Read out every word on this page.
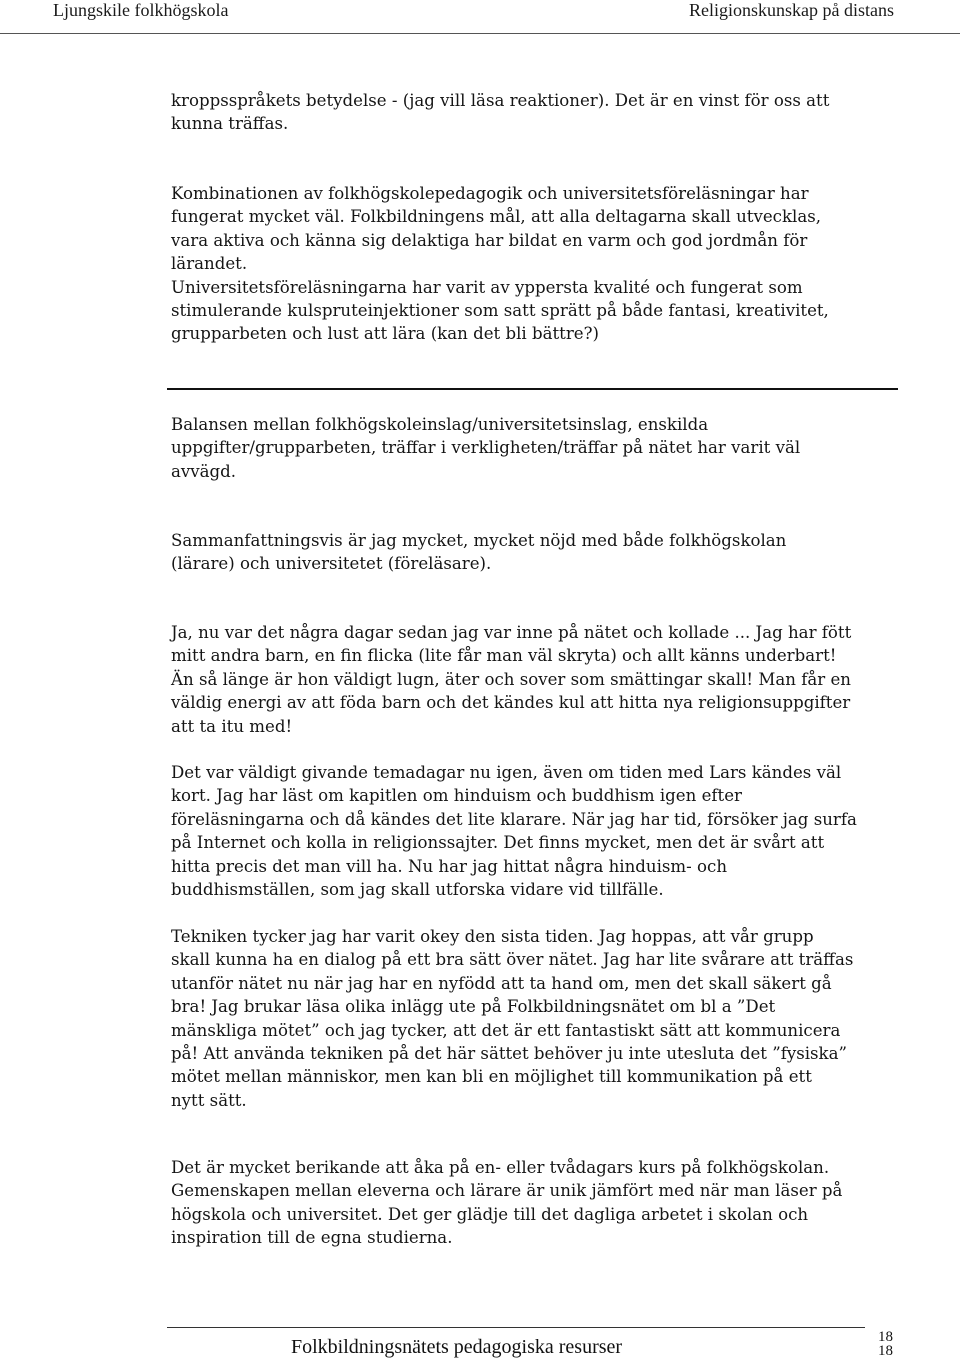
Ljungskile folkhögskola	Religionskunskap på distans

kroppsspråkets betydelse - (jag vill läsa reaktioner). Det är en vinst för oss att
kunna träffas.

Kombinationen av folkhögskolepedagogik och universitetsföreläsningar har
fungerat mycket väl. Folkbildningens mål, att alla deltagarna skall utvecklas,
vara aktiva och känna sig delaktiga har bildat en varm och god jordmån för
lärandet.
Universitetsföreläsningarna har varit av yppersta kvalité och fungerat som
stimulerande kulspruteinjektioner som satt sprätt på både fantasi, kreativitet,
grupparbeten och lust att lära (kan det bli bättre?)

Balansen mellan folkhögskoleinslag/universitetsinslag, enskilda
uppgifter/grupparbeten, träffar i verkligheten/träffar på nätet har varit väl
avvägd.

Sammanfattningsvis är jag mycket, mycket nöjd med både folkhögskolan
(lärare) och universitetet (föreläsare).

Ja, nu var det några dagar sedan jag var inne på nätet och kollade ... Jag har fött
mitt andra barn, en fin flicka (lite får man väl skryta) och allt känns underbart!
Än så länge är hon väldigt lugn, äter och sover som smättingar skall! Man får en
väldig energi av att föda barn och det kändes kul att hitta nya religionsuppgifter
att ta itu med!

Det var väldigt givande temadagar nu igen, även om tiden med Lars kändes väl
kort. Jag har läst om kapitlen om hinduism och buddhism igen efter
föreläsningarna och då kändes det lite klarare. När jag har tid, försöker jag surfa
på Internet och kolla in religionssajter. Det finns mycket, men det är svårt att
hitta precis det man vill ha. Nu har jag hittat några hinduism- och
buddhismställen, som jag skall utforska vidare vid tillfälle.

Tekniken tycker jag har varit okey den sista tiden. Jag hoppas, att vår grupp
skall kunna ha en dialog på ett bra sätt över nätet. Jag har lite svårare att träffas
utanför nätet nu när jag har en nyfödd att ta hand om, men det skall säkert gå
bra! Jag brukar läsa olika inlägg ute på Folkbildningsnätet om bl a ”Det
mänskliga mötet” och jag tycker, att det är ett fantastiskt sätt att kommunicera
på! Att använda tekniken på det här sättet behöver ju inte utesluta det ”fysiska”
mötet mellan människor, men kan bli en möjlighet till kommunikation på ett
nytt sätt.

Det är mycket berikande att åka på en- eller tvådagars kurs på folkhögskolan.
Gemenskapen mellan eleverna och lärare är unik jämfört med när man läser på
högskola och universitet. Det ger glädje till det dagliga arbetet i skolan och
inspiration till de egna studierna.

Folkbildningsnätets pedagogiska resurser	18
18
